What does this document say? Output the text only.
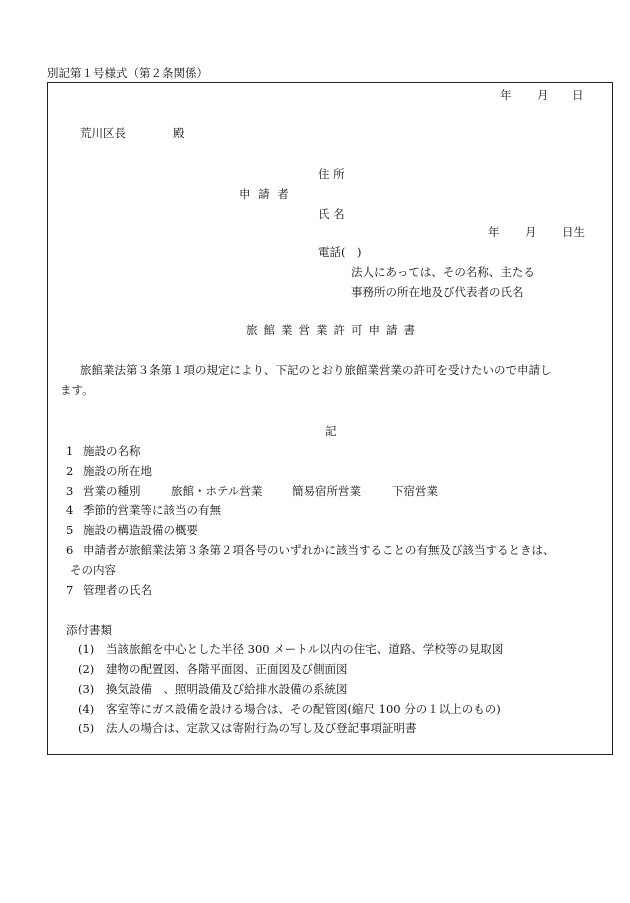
別記第１号様式（第２条関係）
年 月 日
荒川区長	殿
住 所
申 請 者
氏 名
年 月 日生
電話(　)
法人にあっては、その名称、主たる
事務所の所在地及び代表者の氏名
旅館業営業許可申請書
旅館業法第３条第１項の規定により、下記のとおり旅館業営業の許可を受けたいので申請し
ます。
記
1 施設の名称
2 施設の所在地
3 営業の種別	旅館・ホテル営業	簡易宿所営業	下宿営業
4 季節的営業等に該当の有無
5 施設の構造設備の概要
6 申請者が旅館業法第３条第２項各号のいずれかに該当することの有無及び該当するときは、
その内容
7 管理者の氏名
添付書類
(1) 当該旅館を中心とした半径 300 メートル以内の住宅、道路、学校等の見取図
(2) 建物の配置図、各階平面図、正面図及び側面図
(3) 換気設備　、照明設備及び給排水設備の系統図
(4) 客室等にガス設備を設ける場合は、その配管図(縮尺 100 分の１以上のもの)
(5) 法人の場合は、定款又は寄附行為の写し及び登記事項証明書
